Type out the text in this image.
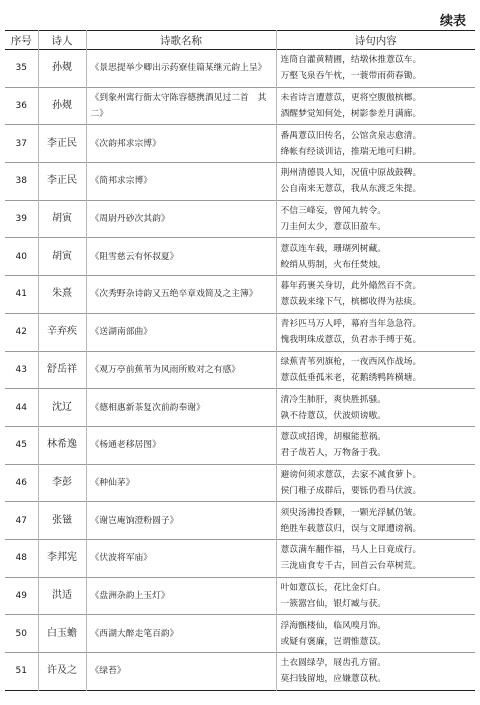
续表
序号	诗人	诗歌名称	诗句内容
35	孙觌	《景思提举少卿出示药寮佳篇某继元韵上呈》	连筒自灌黄精圃，结墩休推薏苡车。
万壑飞泉吞午枕，一蓑带雨荷春锄。

36	孙觌	《到象州寓行衙太守陈容德携酒见过二首　其二》	未省诗言遭薏苡，更将空腹傲槟榔。
酒醒梦觉知何处，树影参差月满廊。

37	李正民	《次韵邦求宗博》	番禺薏苡旧传名，公馆贪泉志愈清。
绛帐有经谈训诂，推瑞无地可归耕。

38	李正民	《简邦求宗博》	荆州清德畏人知，况值中原战鼓鞞。
公自南来无薏苡，我从东渡乏朱提。

39	胡寅	《周尉丹砂次其韵》	不信三峰妄，曾闻九转令。
刀圭何太少，薏苡旧盈车。

40	胡寅	《阻雪慈云有怀叔夏》	薏苡连车载，珊瑚列树藏。
鲛绡从剪制，火布任焚烛。

41	朱熹	《次秀野杂诗韵又五绝卒章戏简及之主簿》	暮年药裹关身切，此外翛然百不贪。
薏苡载来缘下气，槟榔收得为祛痰。

42	辛弃疾	《送湖南部曲》	青衫匹马万人呼，幕府当年急急符。
愧我明珠成薏苡，负君赤手缚于菟。

43	舒岳祥	《观万亭前蕉苇为风雨所败对之有感》	绿蕉青苇列旗枪，一夜西风作战场。
薏苡低垂孤米老，花鹅绣鸭阵横塘。

44	沈辽	《德相惠新茶复次前韵奉谢》	清冷生肺肝，爽快胜抓骚。
孰不待薏苡，伏波烦谤嗷。

45	林希逸	《杨通老移居图》	薏苡或招谗，胡椒能惹祸。
君子哉若人，万物备于我。

46	李彭	《种仙茅》	避谤何须求薏苡，去家不减食萝卜。
侯门稚子成群后，要铄仍看马伏波。

47	张镃	《谢岂庵饷澄粉圆子》	须臾汤沸投香颗，一颗光浮腻仍皱。
绝胜车载薏苡归，误与文犀遭谤祸。

48	李邦宪	《伏波将军庙》	薏苡满车翻作福，马人上日竟成行。
三泷庙食专千古，回首云台草树荒。

49	洪适	《盘洲杂韵上玉灯》	叶如薏苡长，花比金灯白。
一簇嚣宫仙，银灯臧与获。

50	白玉蟾	《西湖大醉走笔百韵》	浮海甑楼仙，临风嗅月饰。
或疑有褒廉，岂谓惟薏苡。

51	许及之	《绿苔》	土衣圆绿孕，屐齿孔方留。
莫扫钱留地，应嫌薏苡秋。
